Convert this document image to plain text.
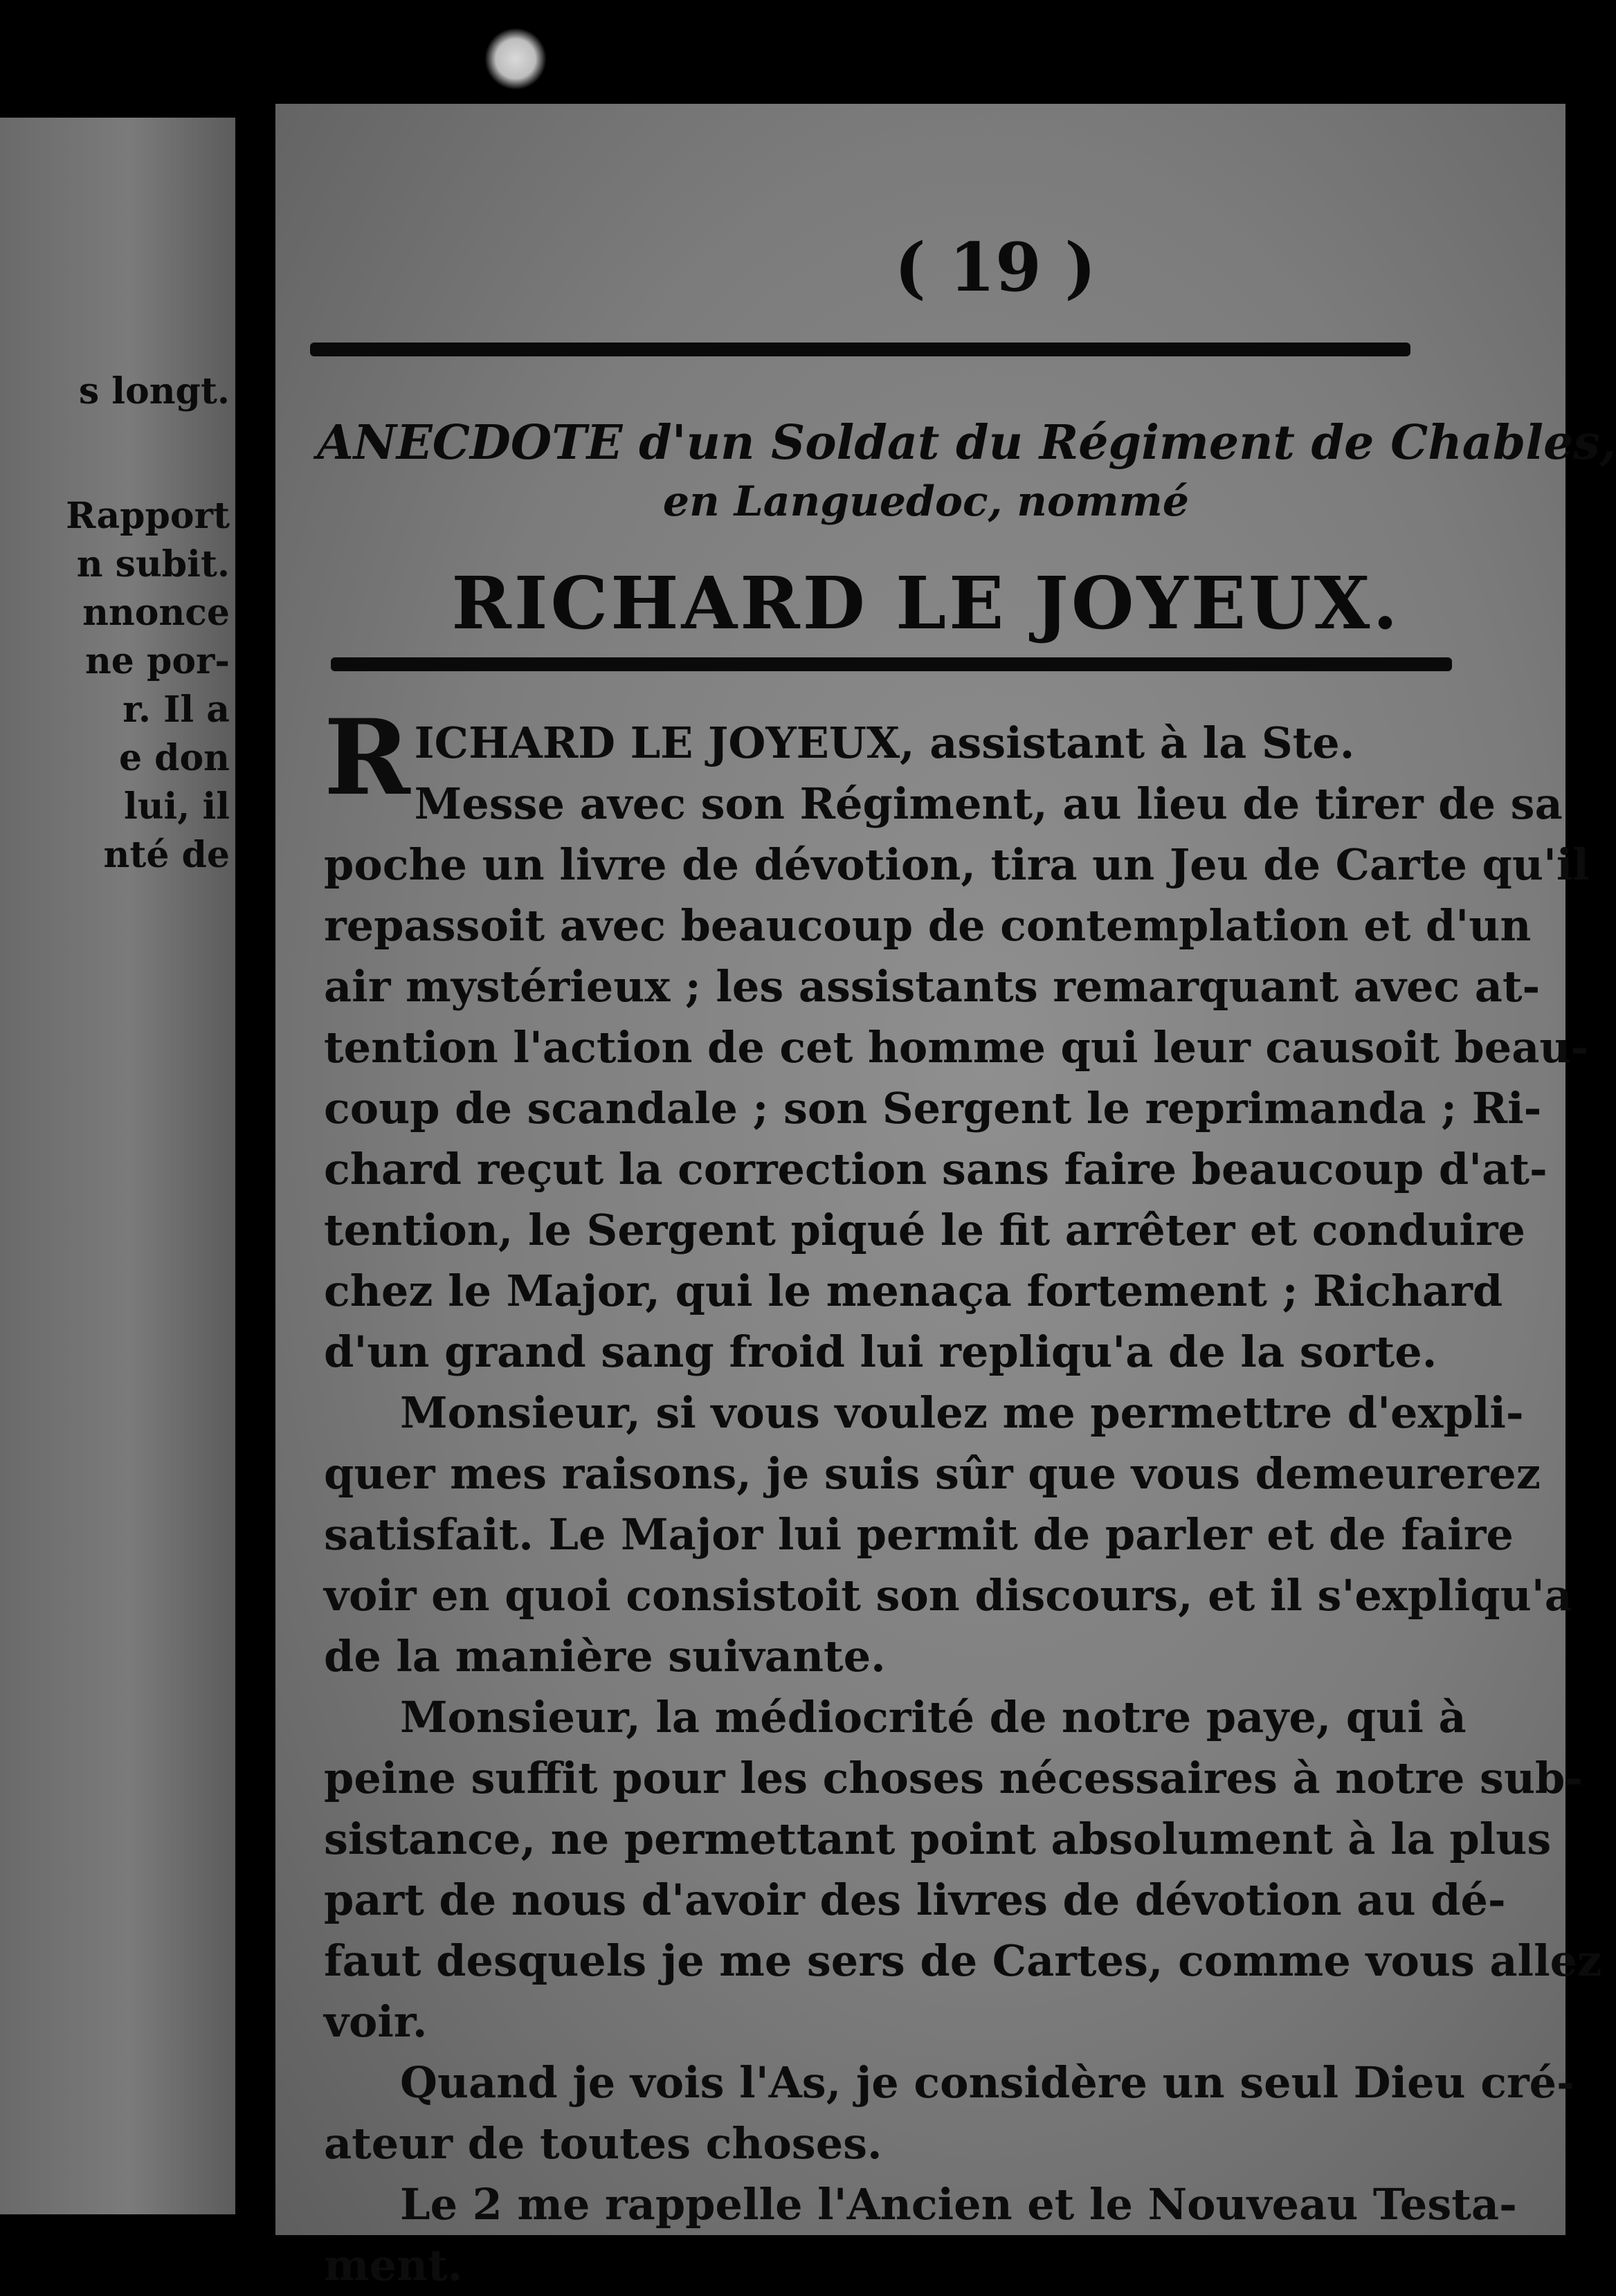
s longt.

Rapport

n subit.

nnonce

ne por-

r. Il a

e don

lui, il

nté de

( 19 )

ANECDOTE d'un Soldat du Régiment de Chables,

en Languedoc, nommé

RICHARD LE JOYEUX.

R ICHARD LE JOYEUX, assistant à la Ste.
Messe avec son Régiment, au lieu de tirer de sa
poche un livre de dévotion, tira un Jeu de Carte qu'il
repassoit avec beaucoup de contemplation et d'un
air mystérieux ; les assistants remarquant avec at-
tention l'action de cet homme qui leur causoit beau-
coup de scandale ; son Sergent le reprimanda ; Ri-
chard reçut la correction sans faire beaucoup d'at-
tention, le Sergent piqué le fit arrêter et conduire
chez le Major, qui le menaça fortement ; Richard
d'un grand sang froid lui repliqu'a de la sorte.
Monsieur, si vous voulez me permettre d'expli-
quer mes raisons, je suis sûr que vous demeurerez
satisfait. Le Major lui permit de parler et de faire
voir en quoi consistoit son discours, et il s'expliqu'a
de la manière suivante.
Monsieur, la médiocrité de notre paye, qui à
peine suffit pour les choses nécessaires à notre sub-
sistance, ne permettant point absolument à la plus
part de nous d'avoir des livres de dévotion au dé-
faut desquels je me sers de Cartes, comme vous allez
voir.
Quand je vois l'As, je considère un seul Dieu cré-
ateur de toutes choses.
Le 2 me rappelle l'Ancien et le Nouveau Testa-
ment.
